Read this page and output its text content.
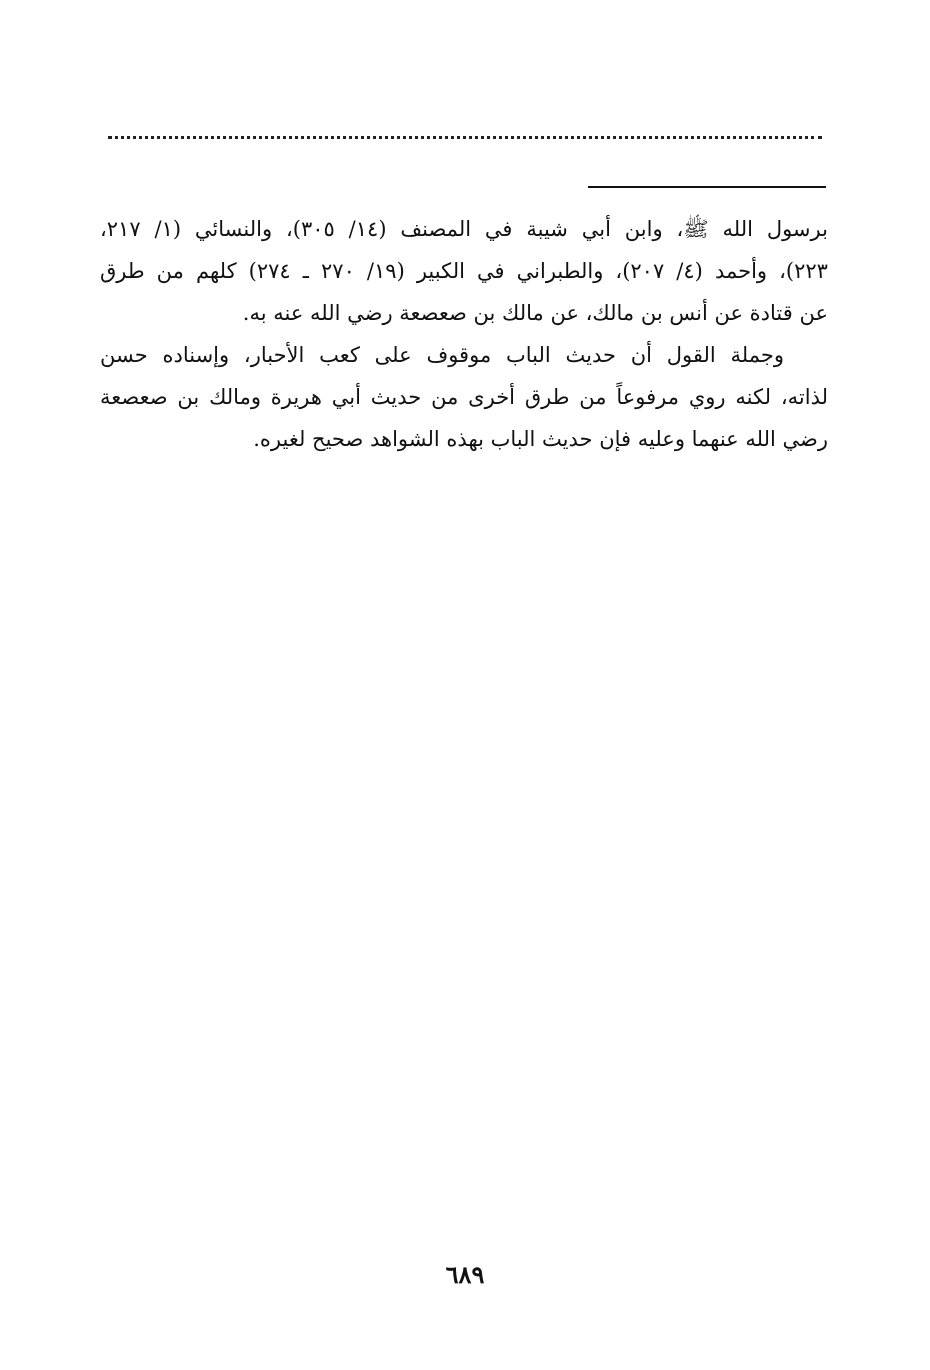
برسول الله ﷺ، وابن أبي شيبة في المصنف (١٤/ ٣٠٥)، والنسائي (١/ ٢١٧،
٢٢٣)، وأحمد (٤/ ٢٠٧)، والطبراني في الكبير (١٩/ ٢٧٠ ـ ٢٧٤) كلهم من طرق
عن قتادة عن أنس بن مالك، عن مالك بن صعصعة رضي الله عنه به.

وجملة القول أن حديث الباب موقوف على كعب الأحبار، وإسناده حسن
لذاته، لكنه روي مرفوعاً من طرق أخرى من حديث أبي هريرة ومالك بن صعصعة
رضي الله عنهما وعليه فإن حديث الباب بهذه الشواهد صحيح لغيره.

٦٨٩
